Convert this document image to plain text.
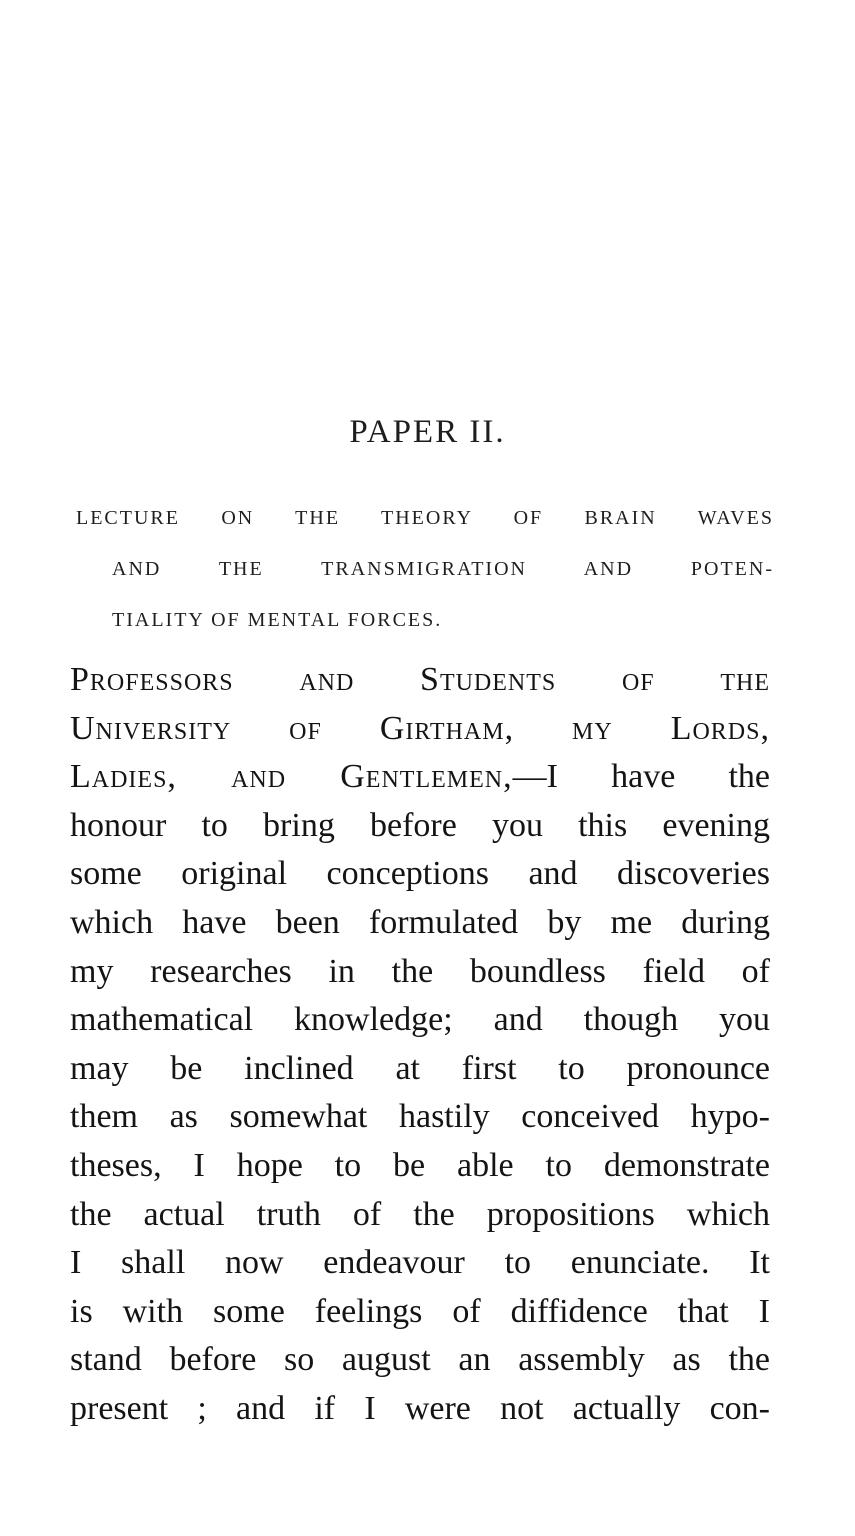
PAPER II.
LECTURE ON THE THEORY OF BRAIN WAVES
AND THE TRANSMIGRATION AND POTEN-
TIALITY OF MENTAL FORCES.
Professors and Students of the
University of Girtham, my Lords,
Ladies, and Gentlemen,—I have the
honour to bring before you this evening
some original conceptions and discoveries
which have been formulated by me during
my researches in the boundless field of
mathematical knowledge; and though you
may be inclined at first to pronounce
them as somewhat hastily conceived hypo-
theses, I hope to be able to demonstrate
the actual truth of the propositions which
I shall now endeavour to enunciate. It
is with some feelings of diffidence that I
stand before so august an assembly as the
present ; and if I were not actually con-
